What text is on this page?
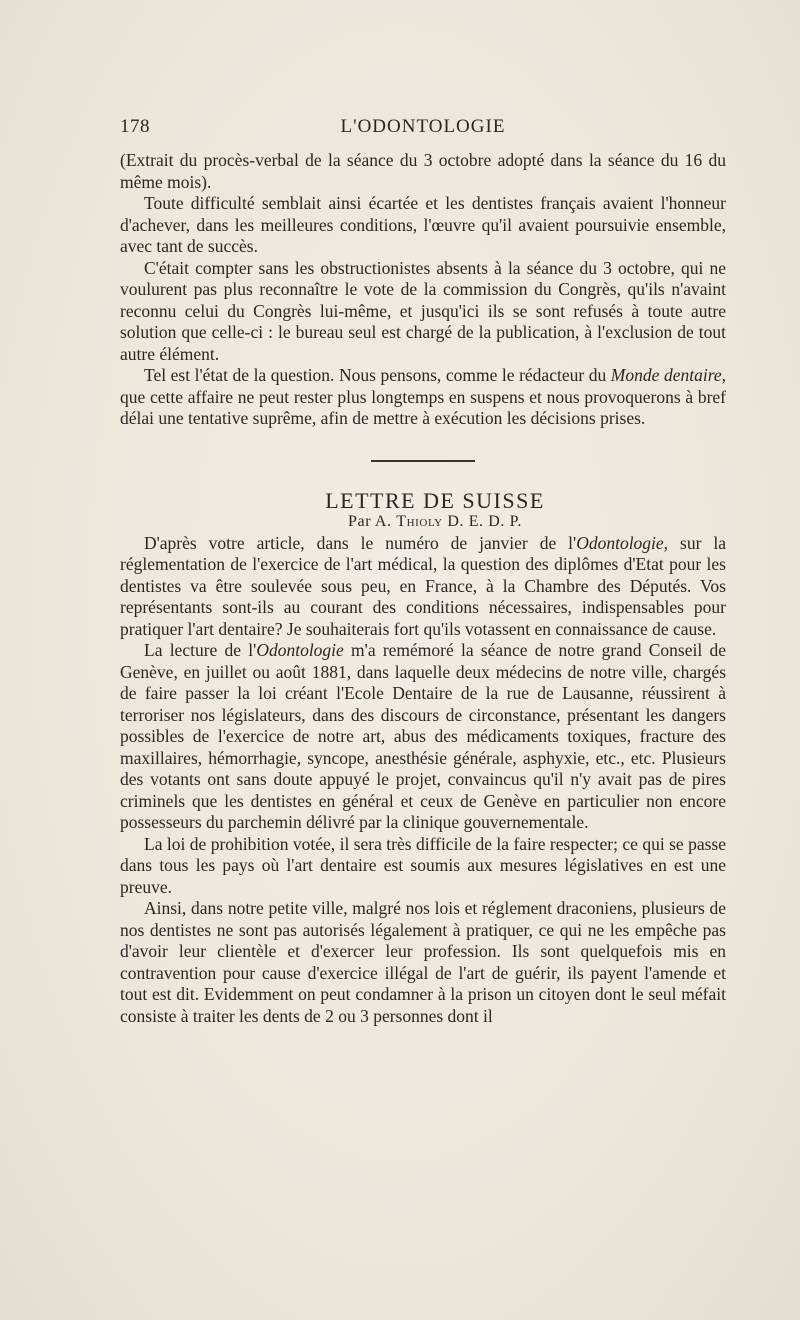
178	L'ODONTOLOGIE

(Extrait du procès-verbal de la séance du 3 octobre adopté dans la séance du 16 du même mois).

Toute difficulté semblait ainsi écartée et les dentistes français avaient l'honneur d'achever, dans les meilleures conditions, l'œuvre qu'il avaient poursuivie ensemble, avec tant de succès.

C'était compter sans les obstructionistes absents à la séance du 3 octobre, qui ne voulurent pas plus reconnaître le vote de la commission du Congrès, qu'ils n'avaint reconnu celui du Congrès lui-même, et jusqu'ici ils se sont refusés à toute autre solution que celle-ci : le bureau seul est chargé de la publication, à l'exclusion de tout autre élément.

Tel est l'état de la question. Nous pensons, comme le rédacteur du Monde dentaire, que cette affaire ne peut rester plus longtemps en suspens et nous provoquerons à bref délai une tentative suprême, afin de mettre à exécution les décisions prises.

LETTRE DE SUISSE

Par A. Thioly D. E. D. P.

D'après votre article, dans le numéro de janvier de l'Odontologie, sur la réglementation de l'exercice de l'art médical, la question des diplômes d'Etat pour les dentistes va être soulevée sous peu, en France, à la Chambre des Députés. Vos représentants sont-ils au courant des conditions nécessaires, indispensables pour pratiquer l'art dentaire? Je souhaiterais fort qu'ils votassent en connaissance de cause.

La lecture de l'Odontologie m'a remémoré la séance de notre grand Conseil de Genève, en juillet ou août 1881, dans laquelle deux médecins de notre ville, chargés de faire passer la loi créant l'Ecole Dentaire de la rue de Lausanne, réussirent à terroriser nos législateurs, dans des discours de circonstance, présentant les dangers possibles de l'exercice de notre art, abus des médicaments toxiques, fracture des maxillaires, hémorrhagie, syncope, anesthésie générale, asphyxie, etc., etc. Plusieurs des votants ont sans doute appuyé le projet, convaincus qu'il n'y avait pas de pires criminels que les dentistes en général et ceux de Genève en particulier non encore possesseurs du parchemin délivré par la clinique gouvernementale.

La loi de prohibition votée, il sera très difficile de la faire respecter; ce qui se passe dans tous les pays où l'art dentaire est soumis aux mesures législatives en est une preuve.

Ainsi, dans notre petite ville, malgré nos lois et réglement draconiens, plusieurs de nos dentistes ne sont pas autorisés légalement à pratiquer, ce qui ne les empêche pas d'avoir leur clientèle et d'exercer leur profession. Ils sont quelquefois mis en contravention pour cause d'exercice illégal de l'art de guérir, ils payent l'amende et tout est dit. Evidemment on peut condamner à la prison un citoyen dont le seul méfait consiste à traiter les dents de 2 ou 3 personnes dont il
